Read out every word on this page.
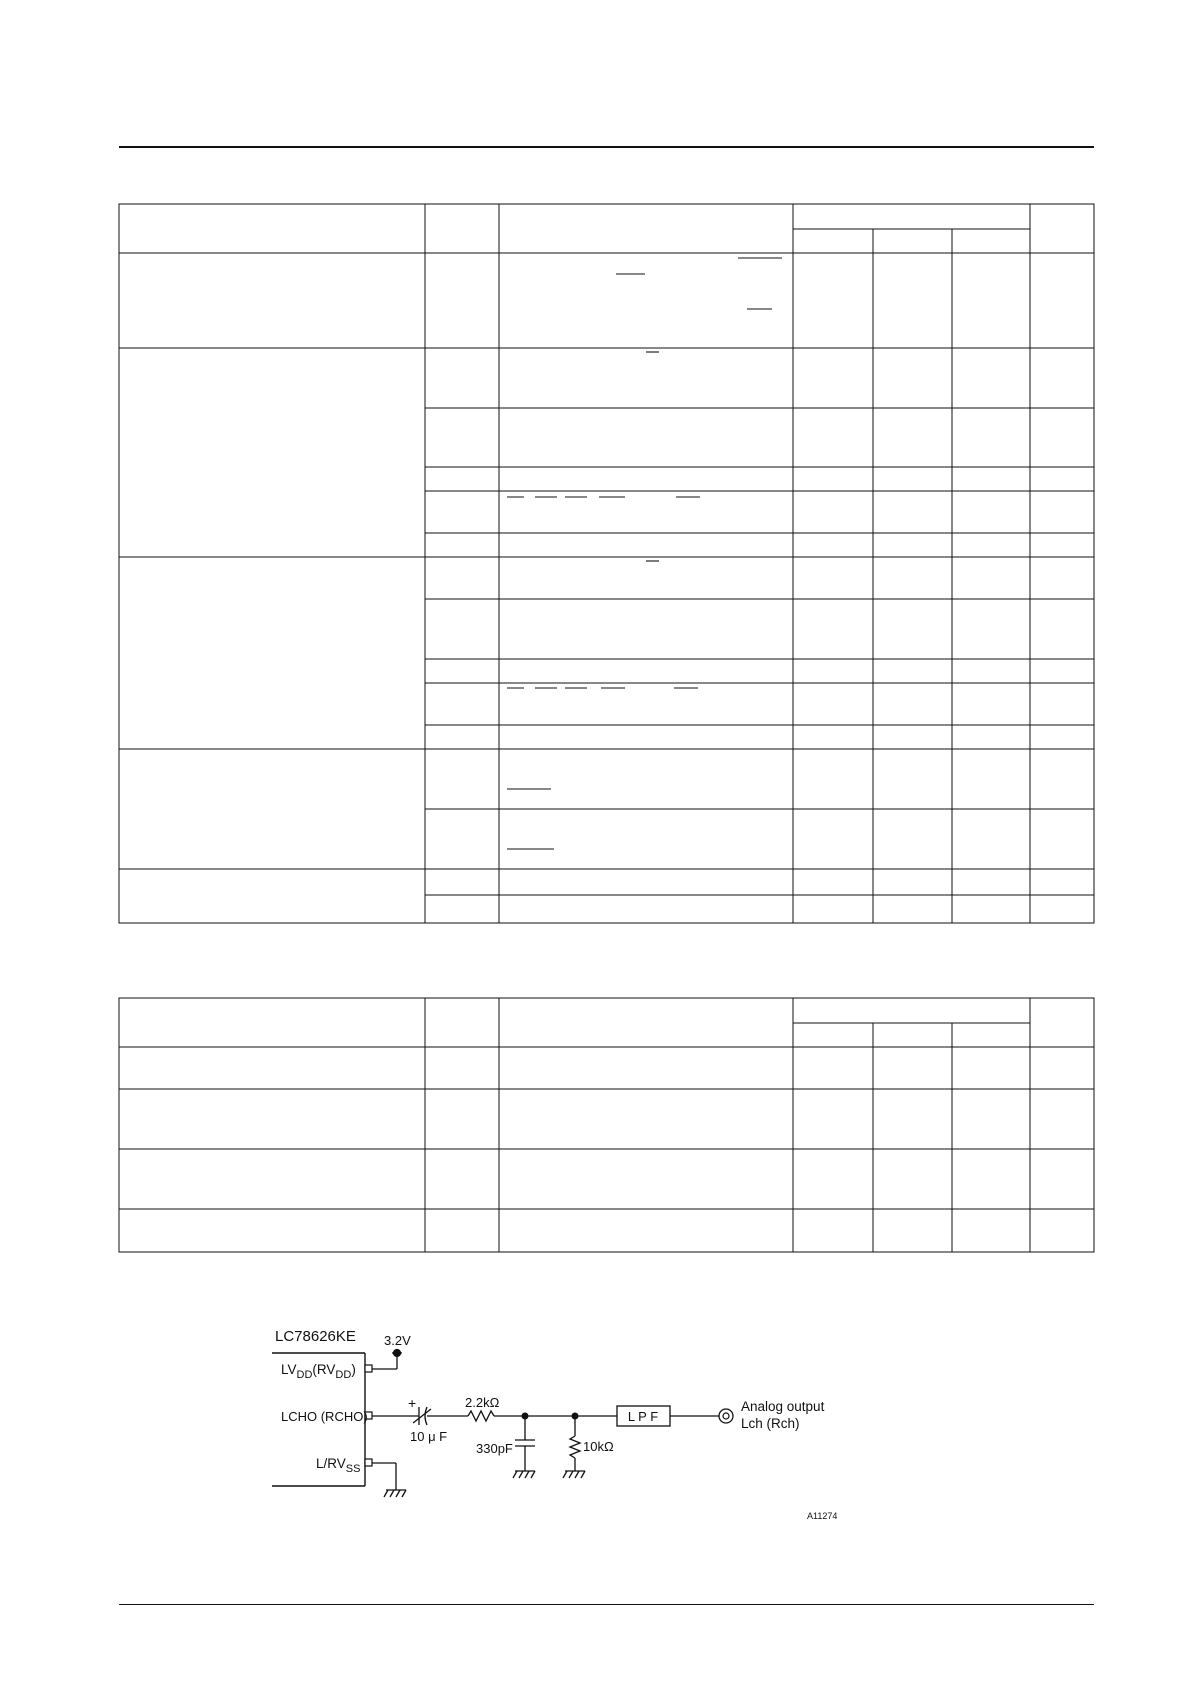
LC78626KE
$LV_{DD}(RV_{DD})$
3.2V
LCHO (RCHO)
$L/RV_{SS}$
+
10 μ F
2.2kΩ
330pF	10kΩ
L P F
Analog output
Lch (Rch)
A11274
